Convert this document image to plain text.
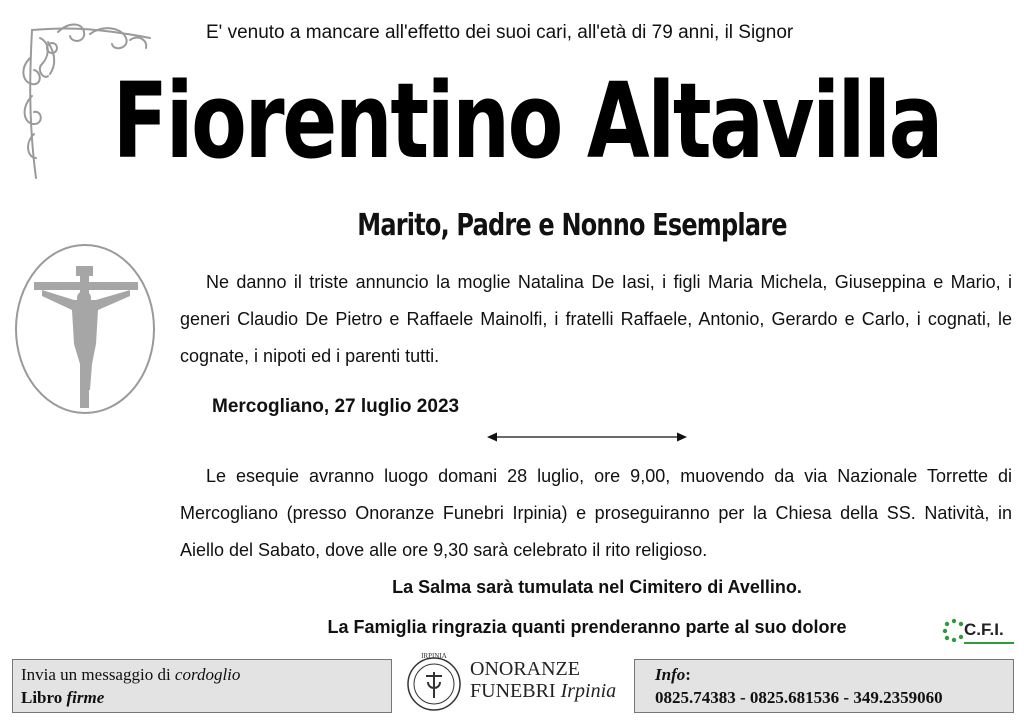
E' venuto a mancare all'effetto dei suoi cari, all'età di 79 anni, il Signor
Fiorentino Altavilla
Marito, Padre e Nonno Esemplare
Ne danno il triste annuncio la moglie Natalina De Iasi, i figli Maria Michela, Giuseppina e Mario, i generi Claudio De Pietro e Raffaele Mainolfi, i fratelli Raffaele, Antonio, Gerardo e Carlo, i cognati, le cognate, i nipoti ed i parenti tutti.
Mercogliano, 27 luglio 2023
Le esequie avranno luogo domani 28 luglio, ore 9,00, muovendo da via Nazionale Torrette di Mercogliano (presso Onoranze Funebri Irpinia) e proseguiranno per la Chiesa della SS. Natività, in Aiello del Sabato, dove alle ore 9,30 sarà celebrato il rito religioso.
La Salma sarà tumulata nel Cimitero di Avellino.
La Famiglia ringrazia quanti prenderanno parte al suo dolore	C.F.I.
Invia un messaggio di cordoglio
Libro firme
IRPINIA
ONORANZE
FUNEBRI Irpinia
Info:
0825.74383 - 0825.681536 - 349.2359060
